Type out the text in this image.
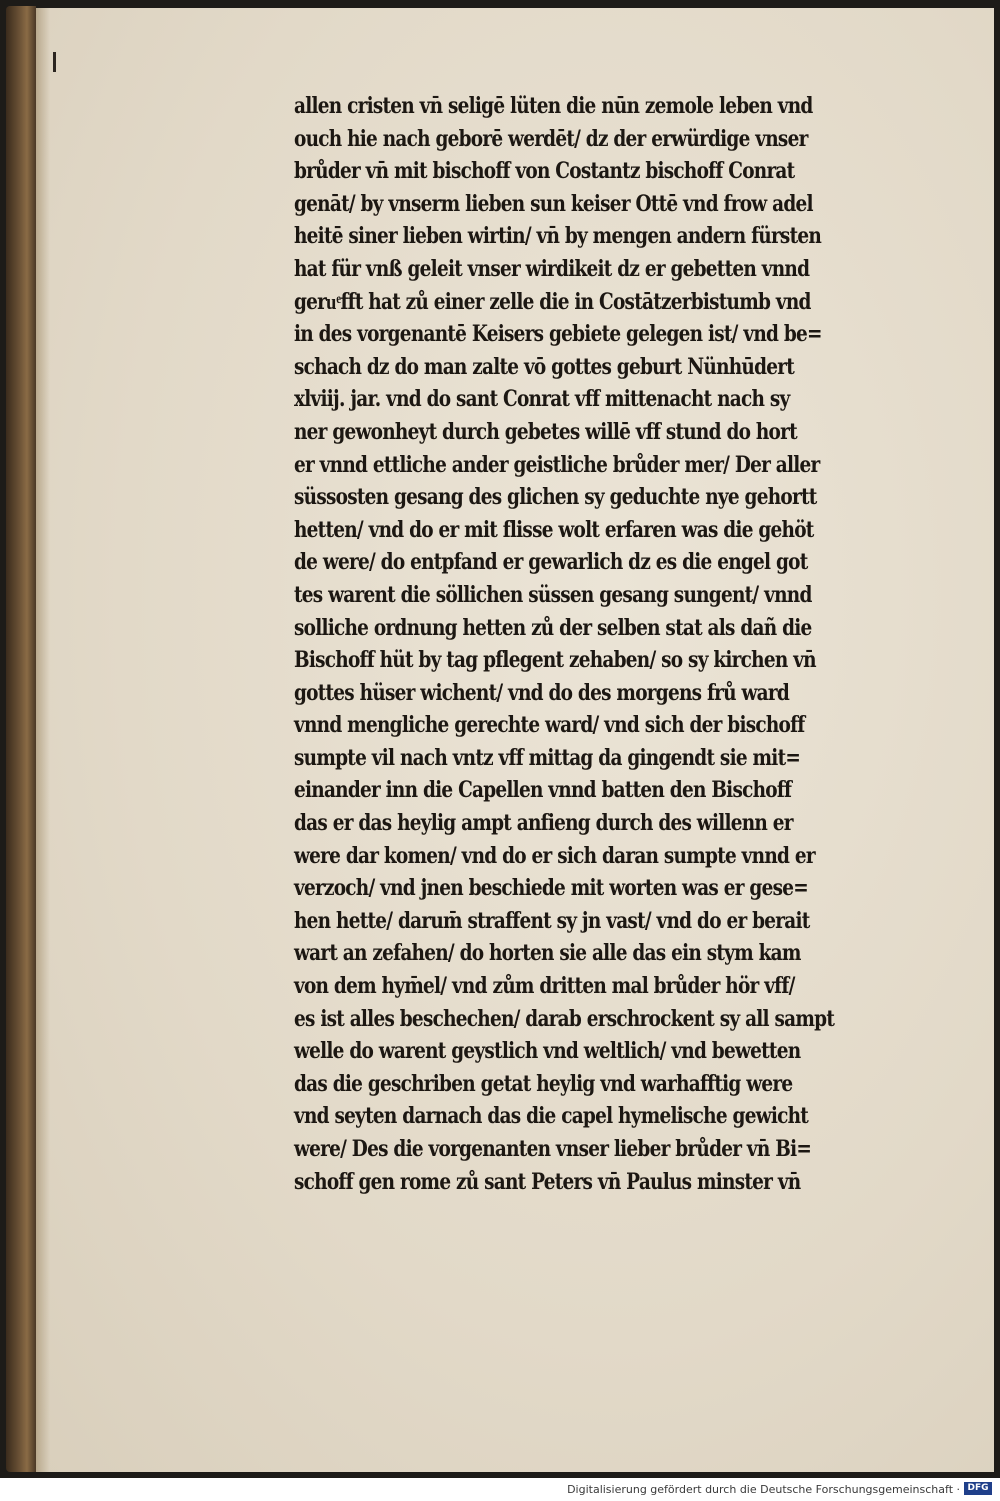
allen cristen vn̄ seligē lüten die nūn zemole leben vnd
ouch hie nach geborē werdēt/ dz der erwürdige vnser
brůder vn̄ mit bischoff von Costantz bischoff Conrat
genāt/ by vnserm lieben sun keiser Ottē vnd frow adel
heitē siner lieben wirtin/ vn̄ by mengen andern fürsten
hat für vnß geleit vnser wirdikeit dz er gebetten vnnd
geruͤfft hat zů einer zelle die in Costātzerbistumb vnd
in des vorgenantē Keisers gebiete gelegen ist/ vnd be=
schach dz do man zalte vō gottes geburt Nünhūdert
xlviij. jar. vnd do sant Conrat vff mittenacht nach sy
ner gewonheyt durch gebetes willē vff stund do hort
er vnnd ettliche ander geistliche brůder mer/ Der aller
süssosten gesang des glichen sy geduchte nye gehortt
hetten/ vnd do er mit flisse wolt erfaren was die gehöt
de were/ do entpfand er gewarlich dz es die engel got
tes warent die söllichen süssen gesang sungent/ vnnd
solliche ordnung hetten zů der selben stat als dañ die
Bischoff hüt by tag pflegent zehaben/ so sy kirchen vn̄
gottes hüser wichent/ vnd do des morgens frů ward
vnnd mengliche gerechte ward/ vnd sich der bischoff
sumpte vil nach vntz vff mittag da gingendt sie mit=
einander inn die Capellen vnnd batten den Bischoff
das er das heylig ampt anfieng durch des willenn er
were dar komen/ vnd do er sich daran sumpte vnnd er
verzoch/ vnd jnen beschiede mit worten was er gese=
hen hette/ darum̄ straffent sy jn vast/ vnd do er berait
wart an zefahen/ do horten sie alle das ein stym kam
von dem hym̄el/ vnd zům dritten mal brůder hör vff/
es ist alles beschechen/ darab erschrockent sy all sampt
welle do warent geystlich vnd weltlich/ vnd bewetten
das die geschriben getat heylig vnd warhafftig were
vnd seyten darnach das die capel hymelische gewicht
were/ Des die vorgenanten vnser lieber brůder vn̄ Bi=
schoff gen rome zů sant Peters vn̄ Paulus minster vn̄
Digitalisierung gefördert durch die Deutsche Forschungsgemeinschaft · DFG
